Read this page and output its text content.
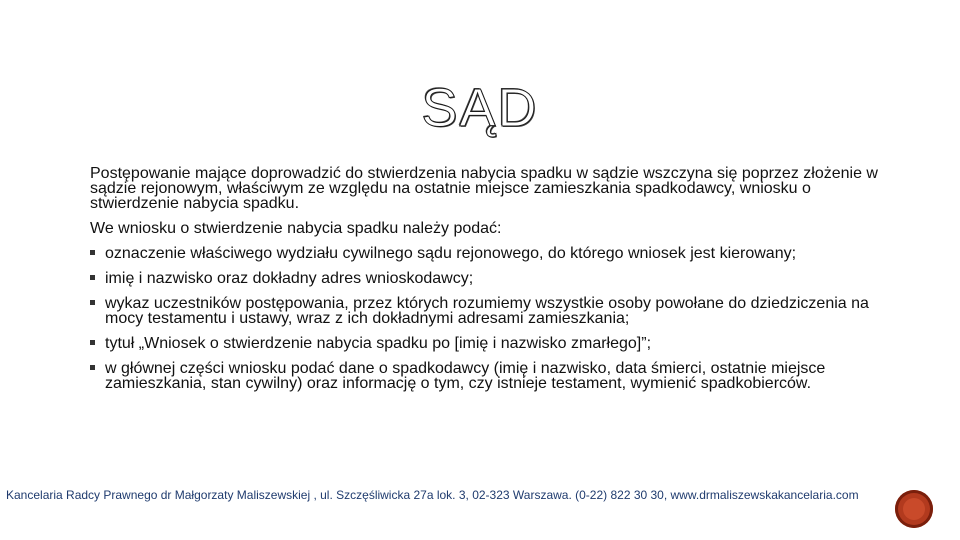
SĄD

Postępowanie mające doprowadzić do stwierdzenia nabycia spadku w sądzie wszczyna się poprzez złożenie w sądzie rejonowym, właściwym ze względu na ostatnie miejsce zamieszkania spadkodawcy, wniosku o stwierdzenie nabycia spadku.

We wniosku o stwierdzenie nabycia spadku należy podać:

oznaczenie właściwego wydziału cywilnego sądu rejonowego, do którego wniosek jest kierowany;
imię i nazwisko oraz dokładny adres wnioskodawcy;
wykaz uczestników postępowania, przez których rozumiemy wszystkie osoby powołane do dziedziczenia na mocy testamentu i ustawy, wraz z ich dokładnymi adresami zamieszkania;
tytuł „Wniosek o stwierdzenie nabycia spadku po [imię i nazwisko zmarłego]”;
w głównej części wniosku podać dane o spadkodawcy (imię i nazwisko, data śmierci, ostatnie miejsce zamieszkania, stan cywilny) oraz informację o tym, czy istnieje testament, wymienić spadkobierców.
Kancelaria Radcy Prawnego dr Małgorzaty Maliszewskiej , ul. Szczęśliwicka 27a lok. 3, 02-323 Warszawa. (0-22) 822 30 30, www.drmaliszewskakancelaria.com
